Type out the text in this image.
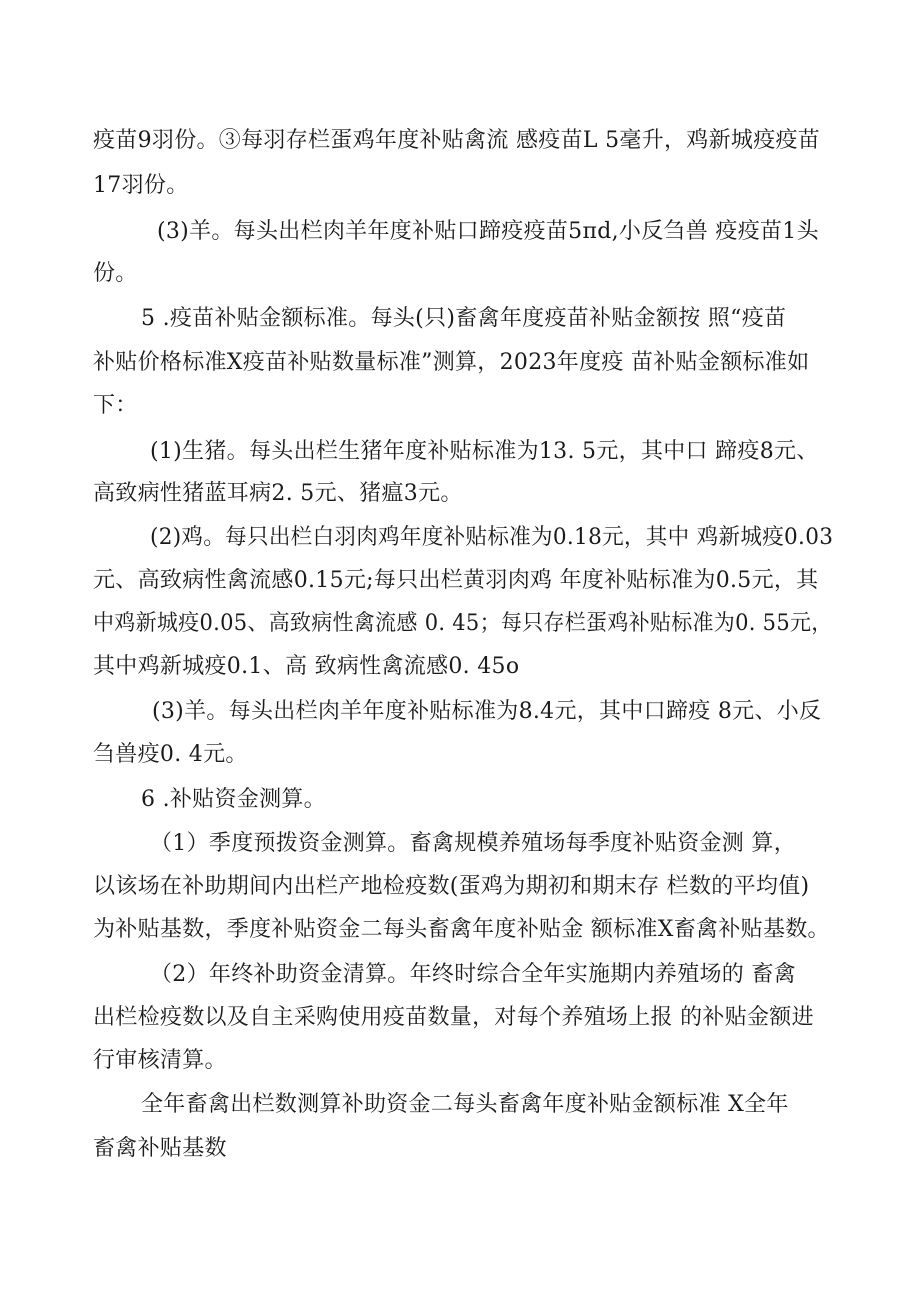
疫苗9羽份。③每羽存栏蛋鸡年度补贴禽流 感疫苗L 5毫升，鸡新城疫疫苗
17羽份。
(3)羊。每头出栏肉羊年度补贴口蹄疫疫苗5πd,小反刍兽 疫疫苗1头
份。
5 .疫苗补贴金额标准。每头(只)畜禽年度疫苗补贴金额按 照“疫苗
补贴价格标准X疫苗补贴数量标准”测算，2023年度疫 苗补贴金额标准如
下：
(1)生猪。每头出栏生猪年度补贴标准为13. 5元，其中口 蹄疫8元、
高致病性猪蓝耳病2. 5元、猪瘟3元。
(2)鸡。每只出栏白羽肉鸡年度补贴标准为0.18元，其中 鸡新城疫0.03
元、高致病性禽流感0.15元;每只出栏黄羽肉鸡 年度补贴标准为0.5元，其
中鸡新城疫0.05、高致病性禽流感 0. 45；每只存栏蛋鸡补贴标准为0. 55元，
其中鸡新城疫0.1、高 致病性禽流感0. 45o
(3)羊。每头出栏肉羊年度补贴标准为8.4元，其中口蹄疫 8元、小反
刍兽疫0. 4元。
6 .补贴资金测算。
（1）季度预拨资金测算。畜禽规模养殖场每季度补贴资金测 算，
以该场在补助期间内出栏产地检疫数(蛋鸡为期初和期末存 栏数的平均值)
为补贴基数，季度补贴资金二每头畜禽年度补贴金 额标准X畜禽补贴基数。
（2）年终补助资金清算。年终时综合全年实施期内养殖场的 畜禽
出栏检疫数以及自主采购使用疫苗数量，对每个养殖场上报 的补贴金额进
行审核清算。
全年畜禽出栏数测算补助资金二每头畜禽年度补贴金额标准 X全年
畜禽补贴基数
